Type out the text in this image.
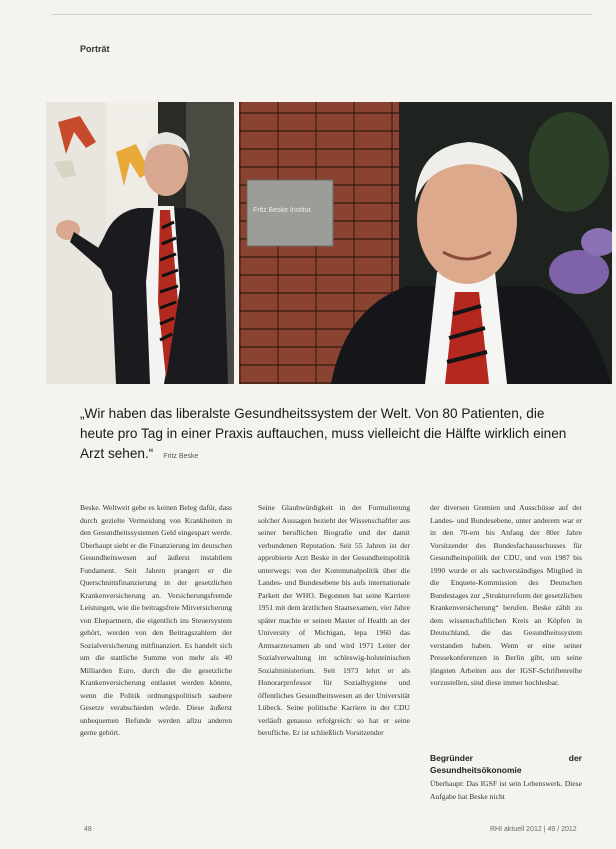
Porträt
Fritz Beske Institut

„Wir haben das liberalste Gesundheitssystem der Welt. Von 80 Patienten, die heute pro Tag in einer Praxis auftauchen, muss vielleicht die Hälfte wirklich einen Arzt sehen.“ Fritz Beske

Beske. Weltweit gebe es keinen Beleg dafür, dass durch gezielte Vermeidung von Krankheiten in den Gesundheitssystemen Geld eingespart werde. Überhaupt sieht er die Finanzierung im deutschen Gesundheitswesen auf äußerst instabilem Fundament. Seit Jahren prangert er die Querschnittsfinanzierung in der gesetzlichen Krankenversicherung an. Versicherungsfremde Leistungen, wie die beitragsfreie Mitversicherung von Ehepartnern, die eigentlich ins Steuersystem gehört, werden von den Beitragszahlern der Sozialversicherung mitfinanziert. Es handelt sich um die stattliche Summe von mehr als 40 Milliarden Euro, durch die die gesetzliche Krankenversicherung entlastet werden könnte, wenn die Politik ordnungspolitisch saubere Gesetze verabschieden würde. Diese äußerst unbequemen Befunde werden allzu anderen gerne gehört.

Seine Glaubwürdigkeit in der Formulierung solcher Aussagen bezieht der Wissenschaftler aus seiner beruflichen Biografie und der damit verbundenen Reputation. Seit 55 Jahren ist der approbierte Arzt Beske in der Gesundheitspolitik unterwegs: von der Kommunalpolitik über die Landes- und Bundesebene bis aufs internationale Parkett der WHO. Begonnen hat seine Karriere 1951 mit dem ärztlichen Staatsexamen, vier Jahre später machte er seinen Master of Health an der University of Michigan, lepa 1960 das Amtsarztexamen ab und wird 1971 Leiter der Sozialverwaltung im schleswig-holsteinischen Sozialministerium. Seit 1973 lehrt er als Honorarprofessor für Sozialhygiene und öffentliches Gesundheitswesen an der Universität Lübeck. Seine politische Karriere in der CDU verläuft genauso erfolgreich: so hat er seine berufliche. Er ist schließlich Vorsitzender

der diversen Gremien und Ausschüsse auf der Landes- und Bundesebene, unter anderem war er in den 70-ern bis Anfang der 80er Jahre Vorsitzender des Bundesfachausschusses für Gesundheitspolitik der CDU, und von 1987 bis 1990 wurde er als sachverständiges Mitglied in die Enquete-Kommission des Deutschen Bundestages zur „Strukturreform der gesetzlichen Krankenversicherung“ berufen. Beske zählt zu dem wissenschaftlichen Kreis an Köpfen in Deutschland, die das Gesundheitssystem verstanden haben. Wenn er eine seiner Pressekonferenzen in Berlin gibt, um seine jüngsten Arbeiten aus der IGSF-Schriftenreihe vorzustellen, sind diese immer hochlesbar.

Begründer der Gesundheitsökonomie

Überhaupt: Das IGSF ist sein Lebenswerk. Diese Aufgabe hat Beske nicht

48	RHI aktuell 2012 | 49 / 2012
